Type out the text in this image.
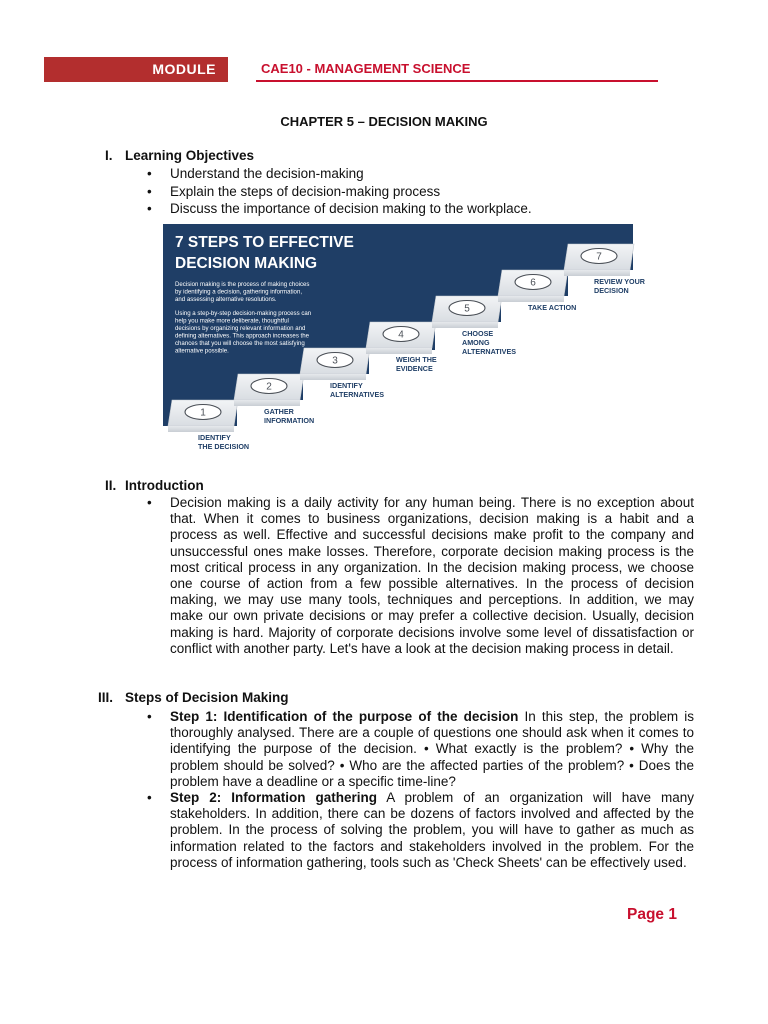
MODULE	CAE10 - MANAGEMENT SCIENCE
CHAPTER 5 – DECISION MAKING
I. Learning Objectives
• Understand the decision-making
• Explain the steps of decision-making process
• Discuss the importance of decision making to the workplace.
1
2
3
4
5
6
7
7 STEPS TO EFFECTIVE
DECISION MAKING
Decision making is the process of making choices
by identifying a decision, gathering information,
and assessing alternative resolutions.
Using a step-by-step decision-making process can
help you make more deliberate, thoughtful
decisions by organizing relevant information and
defining alternatives. This approach increases the
chances that you will choose the most satisfying
alternative possible.
IDENTIFY
THE DECISION
GATHER
INFORMATION
IDENTIFY
ALTERNATIVES
WEIGH THE
EVIDENCE
CHOOSE
AMONG
ALTERNATIVES
TAKE ACTION
REVIEW YOUR
DECISION
II. Introduction
• Decision making is a daily activity for any human being. There is no exception about that. When it comes to business organizations, decision making is a habit and a process as well. Effective and successful decisions make profit to the company and unsuccessful ones make losses. Therefore, corporate decision making process is the most critical process in any organization. In the decision making process, we choose one course of action from a few possible alternatives. In the process of decision making, we may use many tools, techniques and perceptions. In addition, we may make our own private decisions or may prefer a collective decision. Usually, decision making is hard. Majority of corporate decisions involve some level of dissatisfaction or conflict with another party. Let's have a look at the decision making process in detail.
III. Steps of Decision Making
• Step 1: Identification of the purpose of the decision In this step, the problem is thoroughly analysed. There are a couple of questions one should ask when it comes to identifying the purpose of the decision. • What exactly is the problem? • Why the problem should be solved? • Who are the affected parties of the problem? • Does the problem have a deadline or a specific time-line?
• Step 2: Information gathering A problem of an organization will have many stakeholders. In addition, there can be dozens of factors involved and affected by the problem. In the process of solving the problem, you will have to gather as much as information related to the factors and stakeholders involved in the problem. For the process of information gathering, tools such as 'Check Sheets' can be effectively used.
Page 1
